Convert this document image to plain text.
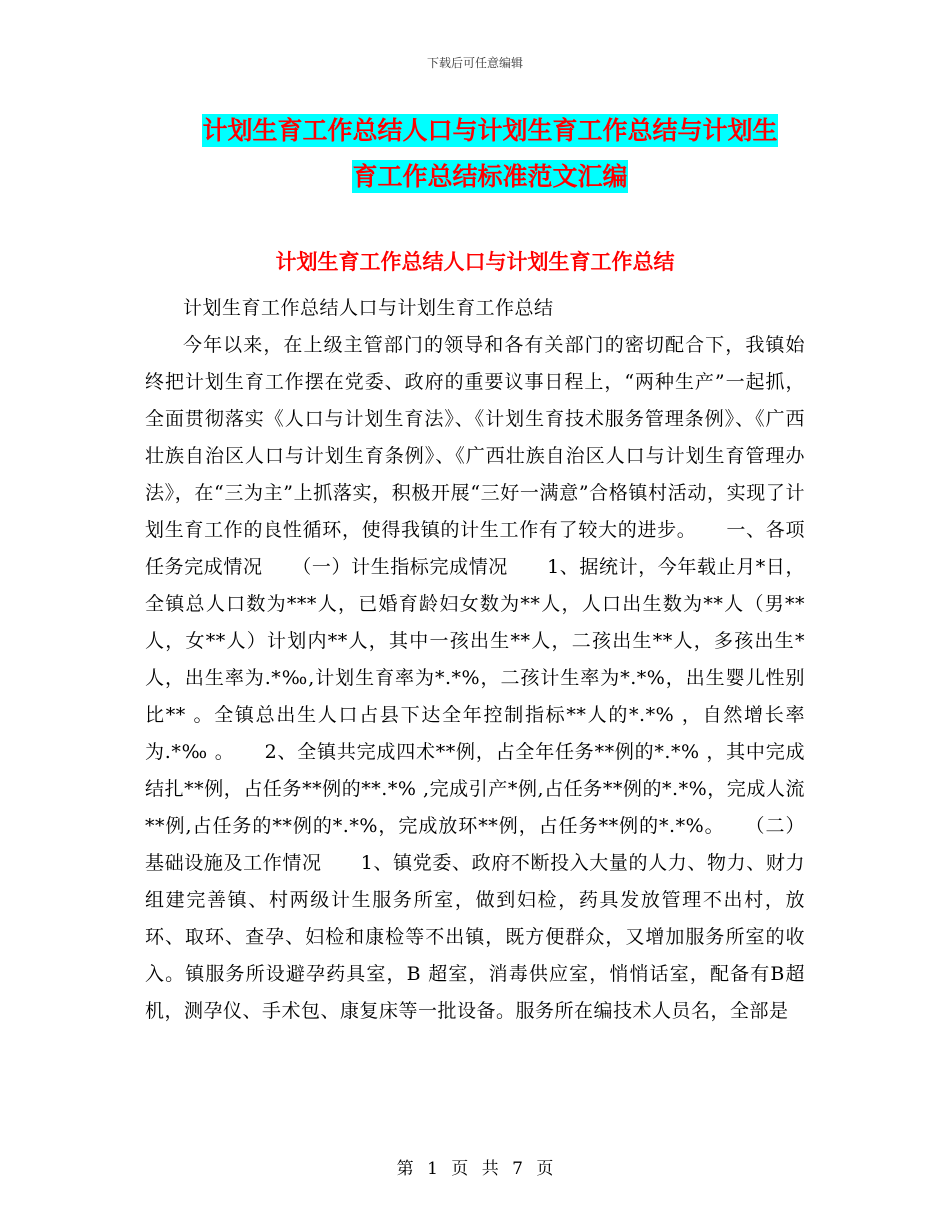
下载后可任意编辑
计划生育工作总结人口与计划生育工作总结与计划生
育工作总结标准范文汇编
计划生育工作总结人口与计划生育工作总结

计划生育工作总结人口与计划生育工作总结

今年以来，在上级主管部门的领导和各有关部门的密切配合下，我镇始终把计划生育工作摆在党委、政府的重要议事日程上，“两种生产”一起抓，全面贯彻落实《人口与计划生育法》、《计划生育技术服务管理条例》、《广西壮族自治区人口与计划生育条例》、《广西壮族自治区人口与计划生育管理办法》，在“三为主”上抓落实，积极开展“三好一满意”合格镇村活动，实现了计划生育工作的良性循环，使得我镇的计生工作有了较大的进步。　　一、各项任务完成情况　　（一）计生指标完成情况　　1、据统计，今年载止月*日，全镇总人口数为***人，已婚育龄妇女数为**人，人口出生数为**人（男**人，女**人）计划内**人，其中一孩出生**人，二孩出生**人，多孩出生*人，出生率为.*‰,计划生育率为*.*%，二孩计生率为*.*%，出生婴儿性别比** 。全镇总出生人口占县下达全年控制指标**人的*.*% ，自然增长率为.*‰ 。　　2、全镇共完成四术**例，占全年任务**例的*.*% ，其中完成结扎**例，占任务**例的**.*% ,完成引产*例,占任务**例的*.*%，完成人流**例,占任务的**例的*.*%，完成放环**例，占任务**例的*.*%。　　（二）基础设施及工作情况　　1、镇党委、政府不断投入大量的人力、物力、财力组建完善镇、村两级计生服务所室，做到妇检，药具发放管理不出村，放环、取环、查孕、妇检和康检等不出镇，既方便群众，又增加服务所室的收入。镇服务所设避孕药具室，B 超室，消毒供应室，悄悄话室，配备有B超机，测孕仪、手术包、康复床等一批设备。服务所在编技术人员名，全部是

第 1 页 共 7 页
